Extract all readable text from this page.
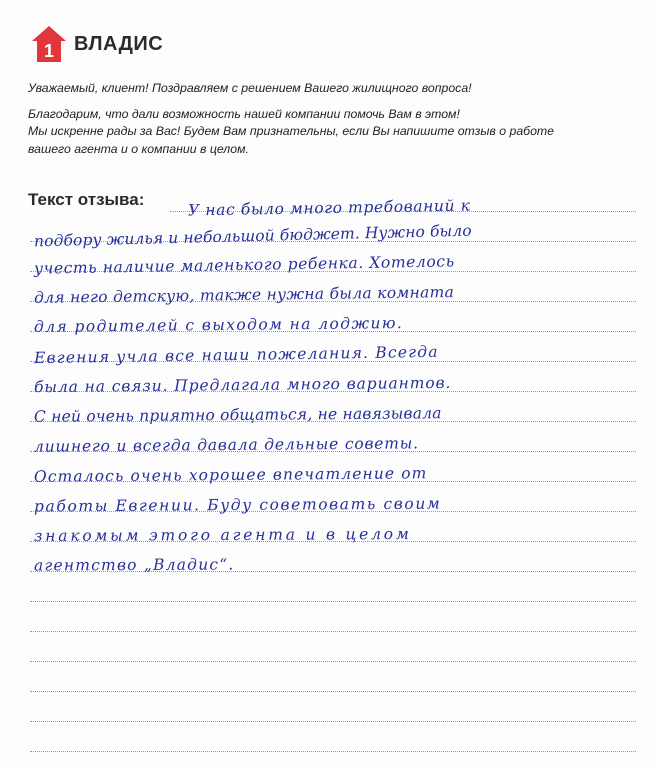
1 ВЛАДИС

Уважаемый, клиент! Поздравляем с решением Вашего жилищного вопроса!

Благодарим, что дали возможность нашей компании помочь Вам в этом!

Мы искренне рады за Вас! Будем Вам признательны, если Вы напишите отзыв о работе

вашего агента и о компании в целом.

Текст отзыва:	У нас было много требований к
подбору жилья и небольшой бюджет. Нужно было
учесть наличие маленького ребенка. Хотелось
для него детскую, также нужна была комната
для родителей с выходом на лоджию.
Евгения учла все наши пожелания. Всегда
была на связи. Предлагала много вариантов.
С ней очень приятно общаться, не навязывала
лишнего и всегда давала дельные советы.
Осталось очень хорошее впечатление от
работы Евгении. Буду советовать своим
знакомым этого агента и в целом
агентство „Владис“.
